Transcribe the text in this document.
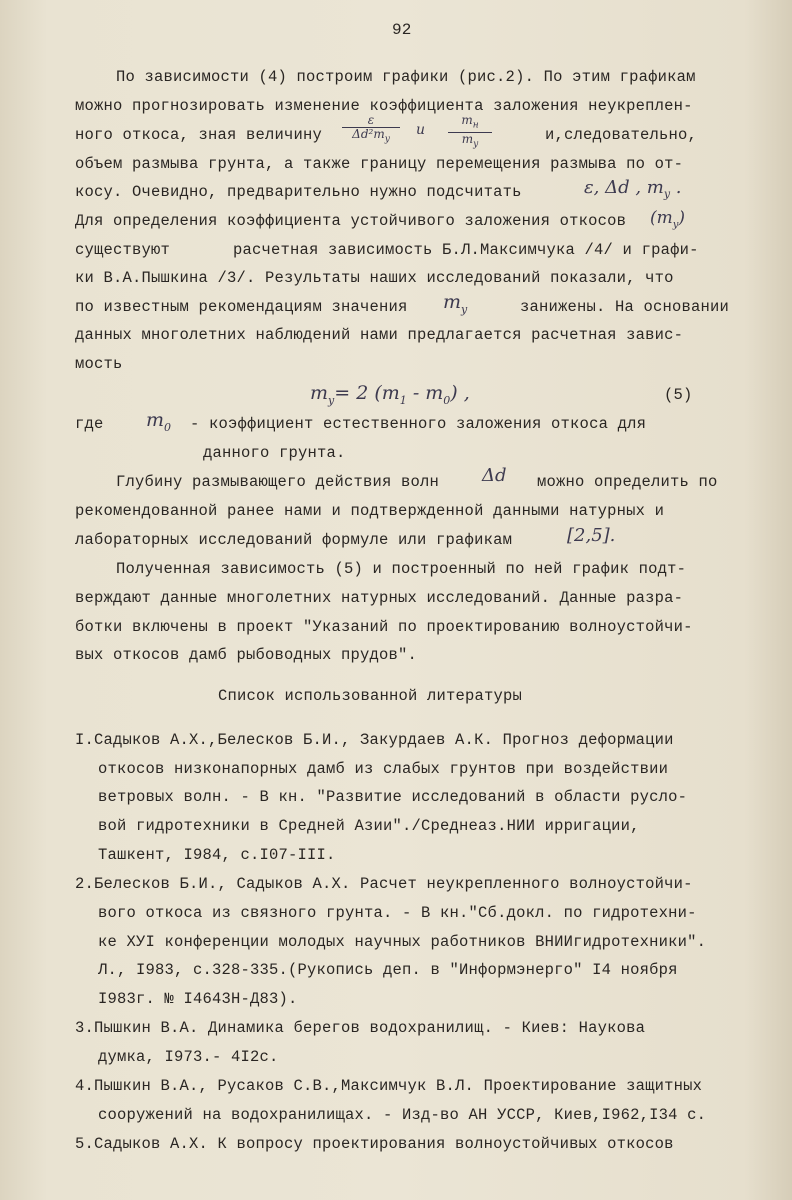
92
По зависимости (4) построим графики (рис.2). По этим графикам
можно прогнозировать изменение коэффициента заложения неукреплен-
ного откоса, зная величину $\frac{\varepsilon}{\Delta d^2m_y}$ и
$m_н$
$m_y$
и,следовательно,
объем размыва грунта, а также границу перемещения размыва по от-
косу. Очевидно, предварительно нужно подсчитать	ε, Δd , $m_y$ .
Для определения коэффициента устойчивого заложения откосов $(m_y)$
существуют	расчетная зависимость Б.Л.Максимчука /4/ и графи-
ки В.А.Пышкина /3/. Результаты наших исследований показали, что
по известным рекомендациям значения $m_y$	занижены. На основании
данных многолетних наблюдений нами предлагается расчетная завис-
мость
$m_y= 2$ $(m_1 - m_0)$ ,	(5)
где $m_0$ - коэффициент естественного заложения откоса для
данного грунта.
Глубину размывающего действия волн Δd можно определить по
рекомендованной ранее нами и подтвержденной данными натурных и
лабораторных исследований формуле или графикам	[2,5].
Полученная зависимость (5) и построенный по ней график подт-
верждают данные многолетних натурных исследований. Данные разра-
ботки включены в проект "Указаний по проектированию волноустойчи-
вых откосов дамб рыбоводных прудов".
Список использованной литературы
I.Садыков А.Х.,Белесков Б.И., Закурдаев А.К. Прогноз деформации
откосов низконапорных дамб из слабых грунтов при воздействии
ветровых волн. - В кн. "Развитие исследований в области руслo-
вой гидротехники в Средней Азии"./Среднеаз.НИИ ирригации,
Ташкент, I984, с.I07-III.
2.Белесков Б.И., Садыков А.Х. Расчет неукрепленного волноустойчи-
вого откоса из связного грунта. - В кн."Сб.докл. по гидротехни-
ке XУI конференции молодых научных работников ВНИИгидротехники".
Л., I983, с.328-335.(Рукопись деп. в "Информэнерго" I4 ноября
I983г. № I4643Н-Д83).
3.Пышкин В.А. Динамика берегов водохранилищ. - Киев: Наукова
думка, I973.- 4I2с.
4.Пышкин В.А., Русаков С.В.,Максимчук В.Л. Проектирование защитных
сооружений на водохранилищах. - Изд-во АН УССР, Киев,I962,I34 с.
5.Садыков А.Х. К вопросу проектирования волноустойчивых откосов
